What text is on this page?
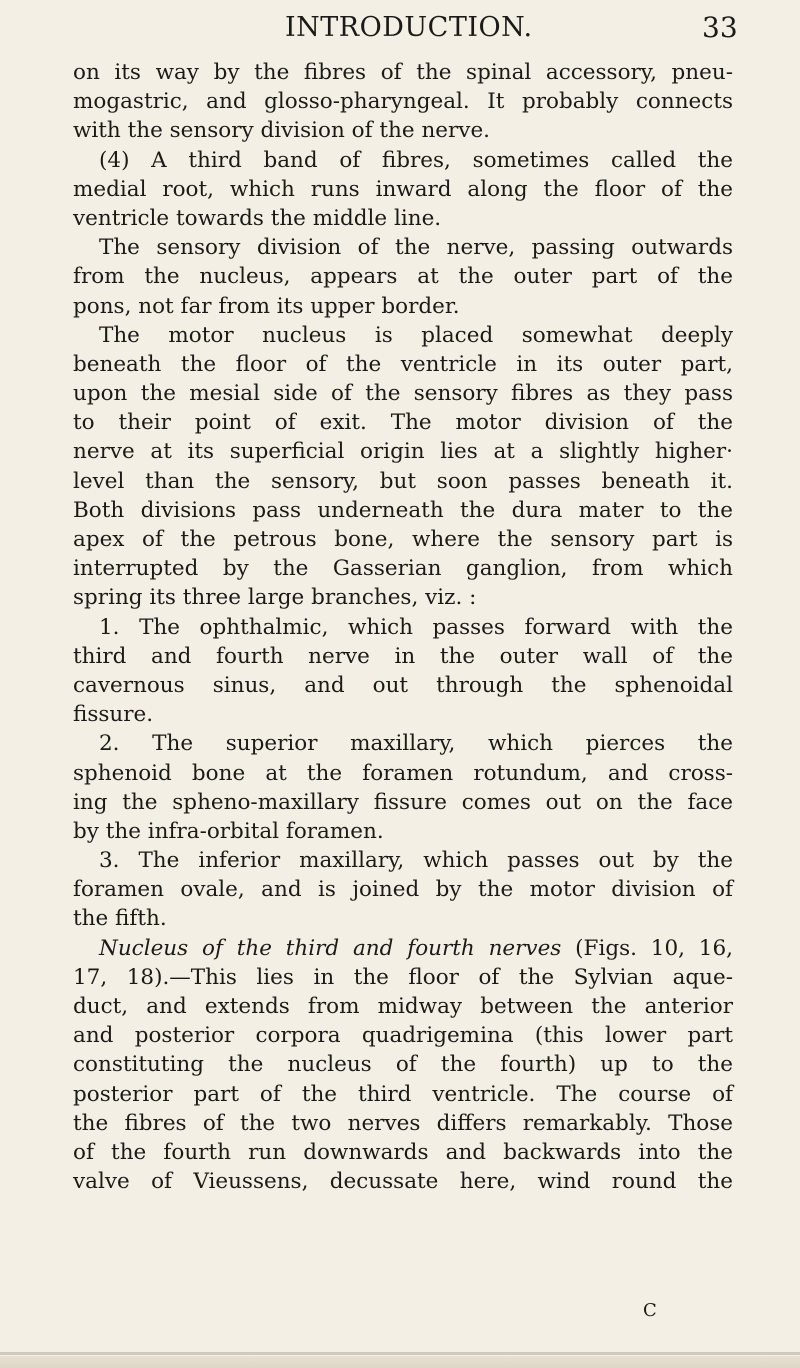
INTRODUCTION.	33
on its way by the fibres of the spinal accessory, pneu-
mogastric, and glosso-pharyngeal. It probably connects
with the sensory division of the nerve.
(4) A third band of fibres, sometimes called the
medial root, which runs inward along the floor of the
ventricle towards the middle line.
The sensory division of the nerve, passing outwards
from the nucleus, appears at the outer part of the
pons, not far from its upper border.
The motor nucleus is placed somewhat deeply
beneath the floor of the ventricle in its outer part,
upon the mesial side of the sensory fibres as they pass
to their point of exit. The motor division of the
nerve at its superficial origin lies at a slightly higher·
level than the sensory, but soon passes beneath it.
Both divisions pass underneath the dura mater to the
apex of the petrous bone, where the sensory part is
interrupted by the Gasserian ganglion, from which
spring its three large branches, viz. :
1. The ophthalmic, which passes forward with the
third and fourth nerve in the outer wall of the
cavernous sinus, and out through the sphenoidal
fissure.
2. The superior maxillary, which pierces the
sphenoid bone at the foramen rotundum, and cross-
ing the spheno-maxillary fissure comes out on the face
by the infra-orbital foramen.
3. The inferior maxillary, which passes out by the
foramen ovale, and is joined by the motor division of
the fifth.
Nucleus of the third and fourth nerves (Figs. 10, 16,
17, 18).—This lies in the floor of the Sylvian aque-
duct, and extends from midway between the anterior
and posterior corpora quadrigemina (this lower part
constituting the nucleus of the fourth) up to the
posterior part of the third ventricle. The course of
the fibres of the two nerves differs remarkably. Those
of the fourth run downwards and backwards into the
valve of Vieussens, decussate here, wind round the
C
